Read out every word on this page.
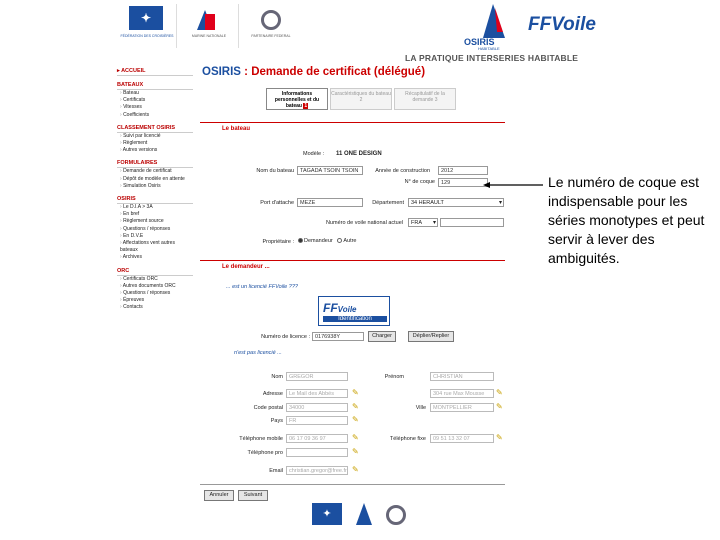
✦
FÉDÉRATION DES CROISIÈRES	MARINE NATIONALE	PARTENAIRE FEDERAL
OSIRIS
HABITABLE
FFVoile
LA PRATIQUE INTERSERIES HABITABLE
▸ ACCUEIL
BATEAUX
› Bateau
› Certificats
› Vitesses
› Coefficients
CLASSEMENT OSIRIS
› Suivi par licencié
› Règlement
› Autres versions
FORMULAIRES
› Demande de certificat
› Dépôt de modèle en attente
› Simulation Osiris
OSIRIS
› Le D.I.A > 3A
› En bref
› Règlement source
› Questions / réponses
› En D.V.E
› Affectations vent autres bateaux
› Archives
ORC
› Certificats ORC
› Autres documents ORC
› Questions / réponses
› Épreuves
› Contacts
OSIRIS : Demande de certificat (délégué)
Informations personnelles et du bateau 1
Caractéristiques du bateau 2
Récapitulatif de la demande 3
Le bateau
Modèle : 11 ONE DESIGN
Nom du bateau	TAGADA TSOIN TSOIN	Année de construction	2012
N° de coque	129
Port d'attache	MEZE	Département	34 HERAULT ▾
Numéro de voile national actuel	FRA ▾
Propriétaire :	Demandeur Autre
Le demandeur ...
... est un licencié FFVoile ???
FFVoile
Identification
Numéro de licence : 0176938Y	Charger	Déplier/Replier
n'est pas licencié ...
Nom	GREGOR	Prénom	CHRISTIAN
Adresse	Le Mail des Abbés	✎	304 rue Max Mousse	✎
Code postal	34000	✎	Ville	MONTPELLIER	✎
Pays	FR	✎
Téléphone mobile	06 17 09 36 97	✎	Téléphone fixe	09 51 13 32 07	✎
Téléphone pro	✎
Email	christian.gregor@free.fr ✎
Annuler	Suivant
Le numéro de coque est indispensable pour les séries monotypes et peut servir à lever des ambiguités.
✦
